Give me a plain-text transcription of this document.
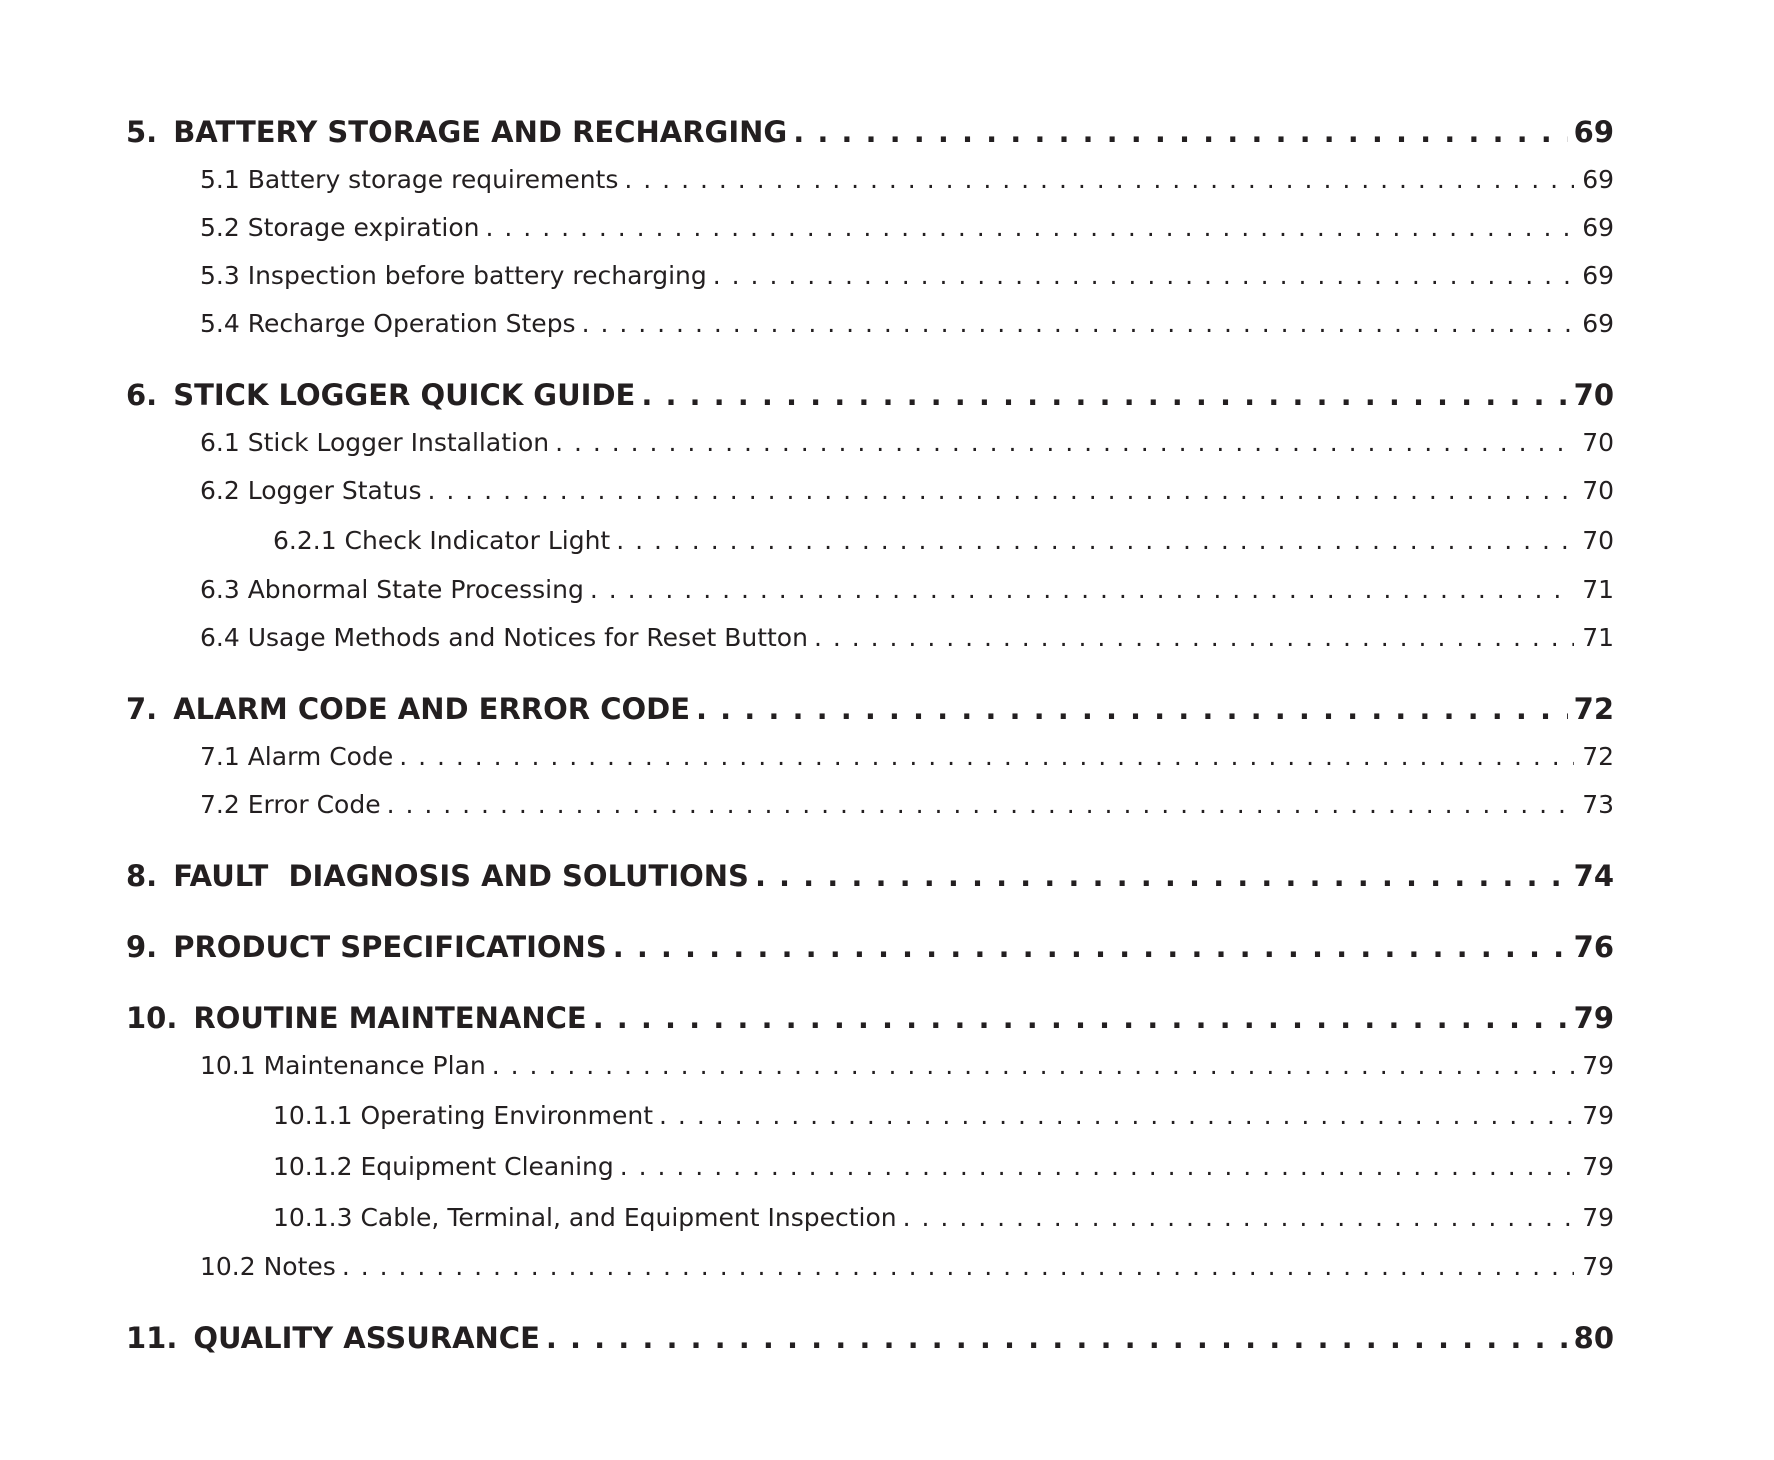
5. BATTERY STORAGE AND RECHARGING . . .	69
5.1 Battery storage requirements . . .	69
5.2 Storage expiration . . .	69
5.3 Inspection before battery recharging . . .	69
5.4 Recharge Operation Steps . . .	69
6. STICK LOGGER QUICK GUIDE . . .	70
6.1 Stick Logger Installation . . .	70
6.2 Logger Status . . .	70
6.2.1 Check Indicator Light . . .	70
6.3 Abnormal State Processing . . .	71
6.4 Usage Methods and Notices for Reset Button . . .	71
7. ALARM CODE AND ERROR CODE . . .	72
7.1 Alarm Code . . .	72
7.2 Error Code . . .	73
8. FAULT  DIAGNOSIS AND SOLUTIONS . . .	74
9. PRODUCT SPECIFICATIONS . . .	76
10. ROUTINE MAINTENANCE . . .	79
10.1 Maintenance Plan . . .	79
10.1.1 Operating Environment . . .	79
10.1.2 Equipment Cleaning . . .	79
10.1.3 Cable, Terminal, and Equipment Inspection . . .	79
10.2 Notes . . .	79
11. QUALITY ASSURANCE . . .	80
